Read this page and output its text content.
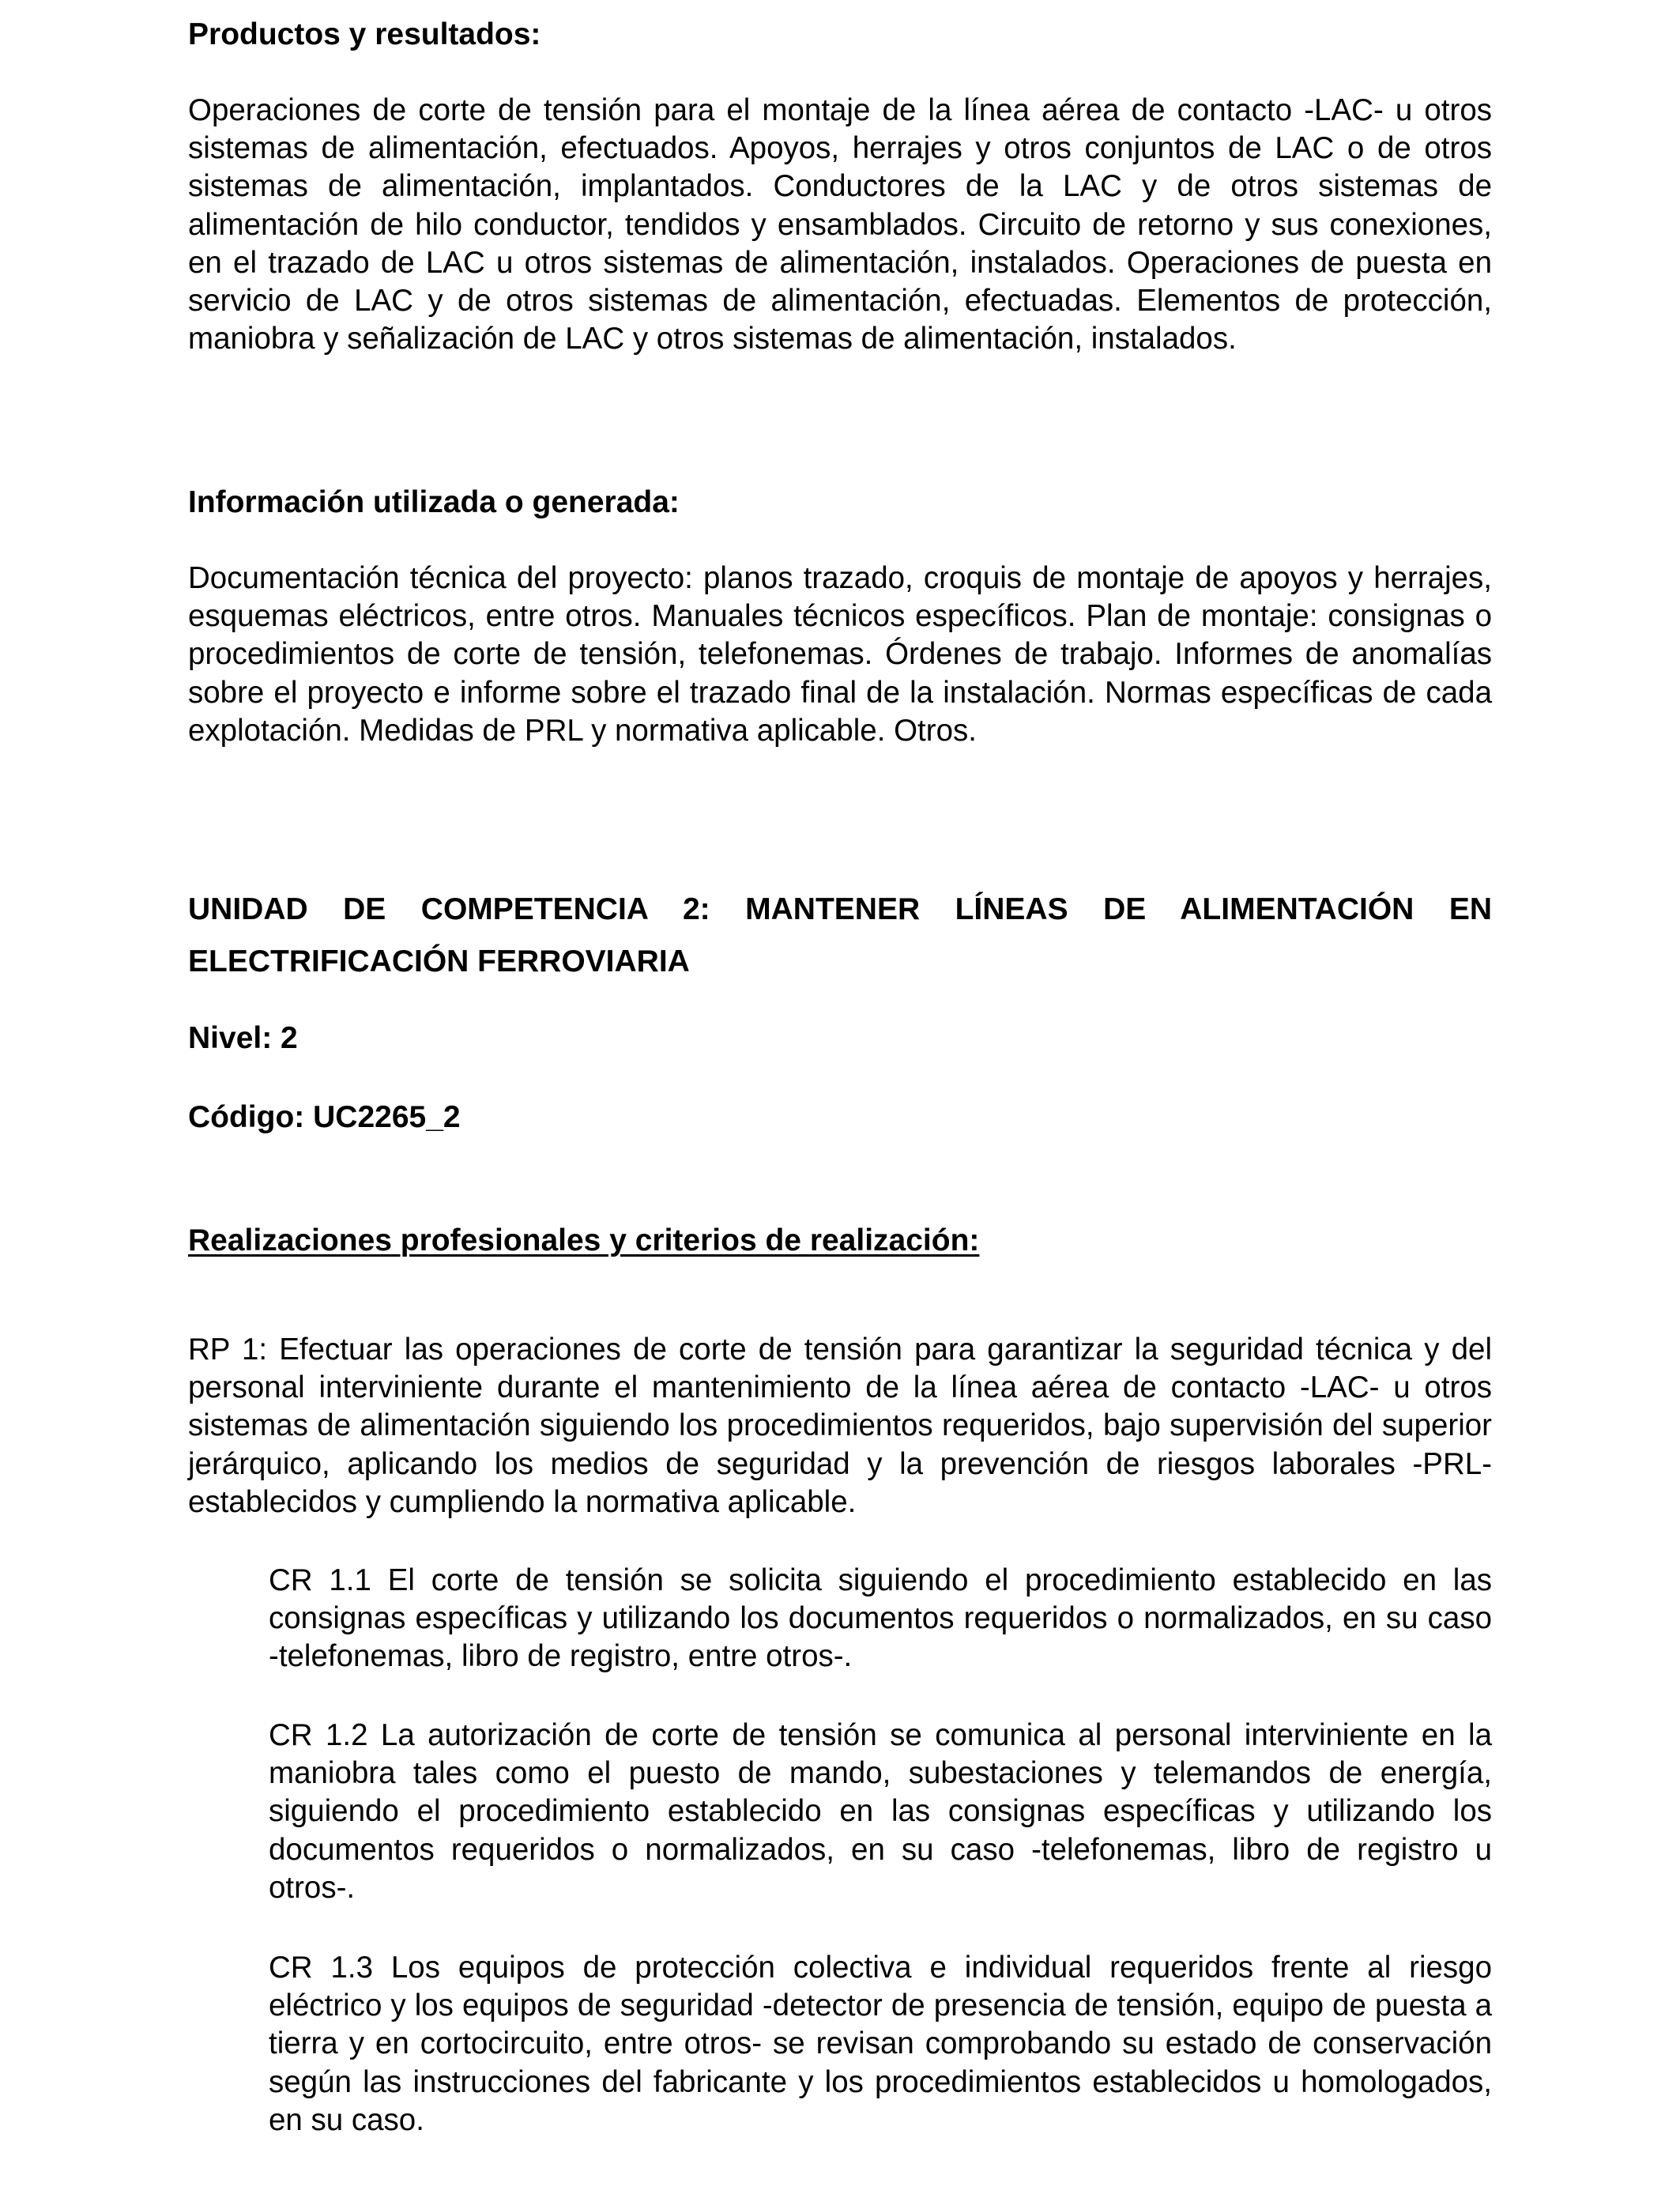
Productos y resultados:

Operaciones de corte de tensión para el montaje de la línea aérea de contacto -LAC- u otros sistemas de alimentación, efectuados. Apoyos, herrajes y otros conjuntos de LAC o de otros sistemas de alimentación, implantados. Conductores de la LAC y de otros sistemas de alimentación de hilo conductor, tendidos y ensamblados. Circuito de retorno y sus conexiones, en el trazado de LAC u otros sistemas de alimentación, instalados. Operaciones de puesta en servicio de LAC y de otros sistemas de alimentación, efectuadas. Elementos de protección, maniobra y señalización de LAC y otros sistemas de alimentación, instalados.

Información utilizada o generada:

Documentación técnica del proyecto: planos trazado, croquis de montaje de apoyos y herrajes, esquemas eléctricos, entre otros. Manuales técnicos específicos. Plan de montaje: consignas o procedimientos de corte de tensión, telefonemas. Órdenes de trabajo. Informes de anomalías sobre el proyecto e informe sobre el trazado final de la instalación. Normas específicas de cada explotación. Medidas de PRL y normativa aplicable. Otros.

UNIDAD DE COMPETENCIA 2: MANTENER LÍNEAS DE ALIMENTACIÓN EN ELECTRIFICACIÓN FERROVIARIA
Nivel: 2
Código: UC2265_2
Realizaciones profesionales y criterios de realización:

RP 1: Efectuar las operaciones de corte de tensión para garantizar la seguridad técnica y del personal interviniente durante el mantenimiento de la línea aérea de contacto -LAC- u otros sistemas de alimentación siguiendo los procedimientos requeridos, bajo supervisión del superior jerárquico, aplicando los medios de seguridad y la prevención de riesgos laborales -PRL- establecidos y cumpliendo la normativa aplicable.

CR 1.1 El corte de tensión se solicita siguiendo el procedimiento establecido en las consignas específicas y utilizando los documentos requeridos o normalizados, en su caso -telefonemas, libro de registro, entre otros-.

CR 1.2 La autorización de corte de tensión se comunica al personal interviniente en la maniobra tales como el puesto de mando, subestaciones y telemandos de energía, siguiendo el procedimiento establecido en las consignas específicas y utilizando los documentos requeridos o normalizados, en su caso -telefonemas, libro de registro u otros-.

CR 1.3 Los equipos de protección colectiva e individual requeridos frente al riesgo eléctrico y los equipos de seguridad -detector de presencia de tensión, equipo de puesta a tierra y en cortocircuito, entre otros- se revisan comprobando su estado de conservación según las instrucciones del fabricante y los procedimientos establecidos u homologados, en su caso.
